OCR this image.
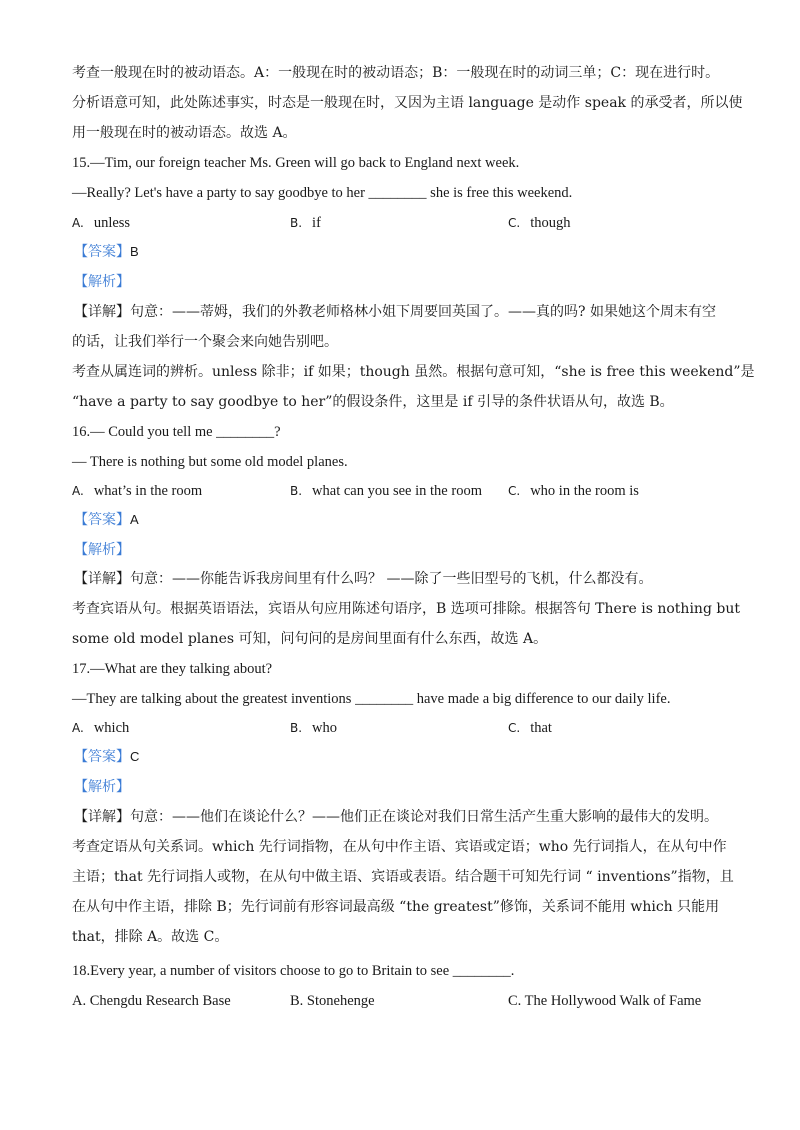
考查一般现在时的被动语态。A：一般现在时的被动语态；B：一般现在时的动词三单；C：现在进行时。
分析语意可知，此处陈述事实，时态是一般现在时，又因为主语 language 是动作 speak 的承受者，所以使
用一般现在时的被动语态。故选 A。
15.—Tim, our foreign teacher Ms. Green will go back to England next week.
—Really? Let's have a party to say goodbye to her ________ she is free this weekend.
A. unless	B. if	C. though
【答案】B
【解析】
【详解】句意：——蒂姆，我们的外教老师格林小姐下周要回英国了。——真的吗? 如果她这个周末有空
的话，让我们举行一个聚会来向她告别吧。
考查从属连词的辨析。unless 除非；if 如果；though 虽然。根据句意可知，“she is free this weekend”是
“have a party to say goodbye to her”的假设条件，这里是 if 引导的条件状语从句，故选 B。
16.— Could you tell me ________?
— There is nothing but some old model planes.
A. what’s in the room	B. what can you see in the room C. who in the room is
【答案】A
【解析】
【详解】句意：——你能告诉我房间里有什么吗？ ——除了一些旧型号的飞机，什么都没有。
考查宾语从句。根据英语语法，宾语从句应用陈述句语序，B 选项可排除。根据答句 There is nothing but
some old model planes 可知，问句问的是房间里面有什么东西，故选 A。
17.—What are they talking about?
—They are talking about the greatest inventions ________ have made a big difference to our daily life.
A. which	B. who	C. that
【答案】C
【解析】
【详解】句意：——他们在谈论什么？——他们正在谈论对我们日常生活产生重大影响的最伟大的发明。
考查定语从句关系词。which 先行词指物，在从句中作主语、宾语或定语；who 先行词指人，在从句中作
主语；that 先行词指人或物，在从句中做主语、宾语或表语。结合题干可知先行词 “ inventions”指物，且
在从句中作主语，排除 B；先行词前有形容词最高级 “the greatest”修饰，关系词不能用 which 只能用
that，排除 A。故选 C。
18.Every year, a number of visitors choose to go to Britain to see ________.
A. Chengdu Research Base	B. Stonehenge	C. The Hollywood Walk of Fame
